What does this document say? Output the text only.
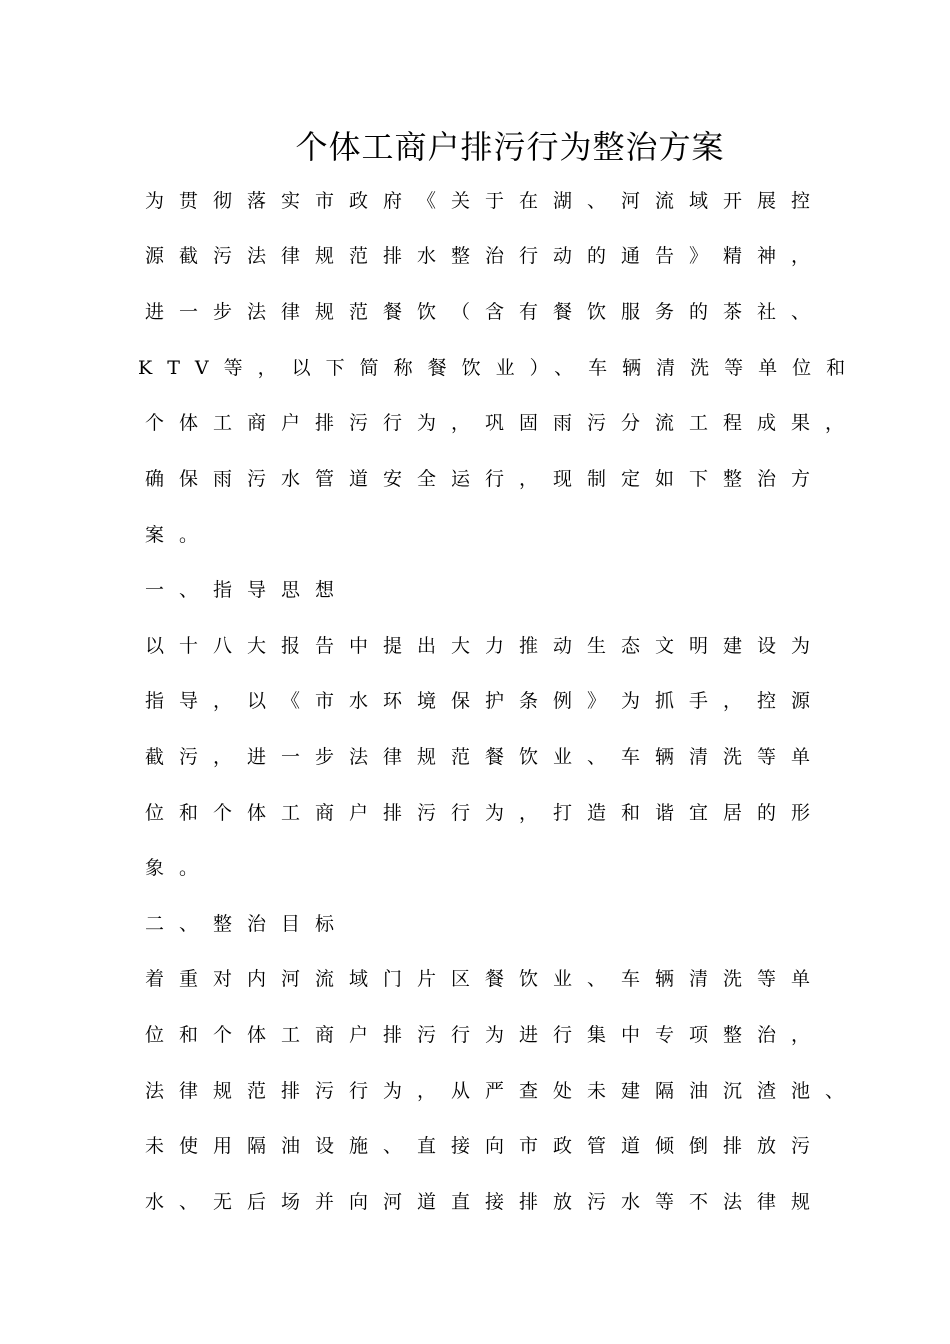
个体工商户排污行为整治方案
为贯彻落实市政府《关于在湖、河流域开展控
源截污法律规范排水整治行动的通告》精神，
进一步法律规范餐饮（含有餐饮服务的茶社、
KTV等，以下简称餐饮业）、车辆清洗等单位和
个体工商户排污行为，巩固雨污分流工程成果，
确保雨污水管道安全运行，现制定如下整治方
案。
一、指导思想
以十八大报告中提出大力推动生态文明建设为
指导，以《市水环境保护条例》为抓手，控源
截污，进一步法律规范餐饮业、车辆清洗等单
位和个体工商户排污行为，打造和谐宜居的形
象。
二、整治目标
着重对内河流域门片区餐饮业、车辆清洗等单
位和个体工商户排污行为进行集中专项整治，
法律规范排污行为，从严查处未建隔油沉渣池、
未使用隔油设施、直接向市政管道倾倒排放污
水、无后场并向河道直接排放污水等不法律规
